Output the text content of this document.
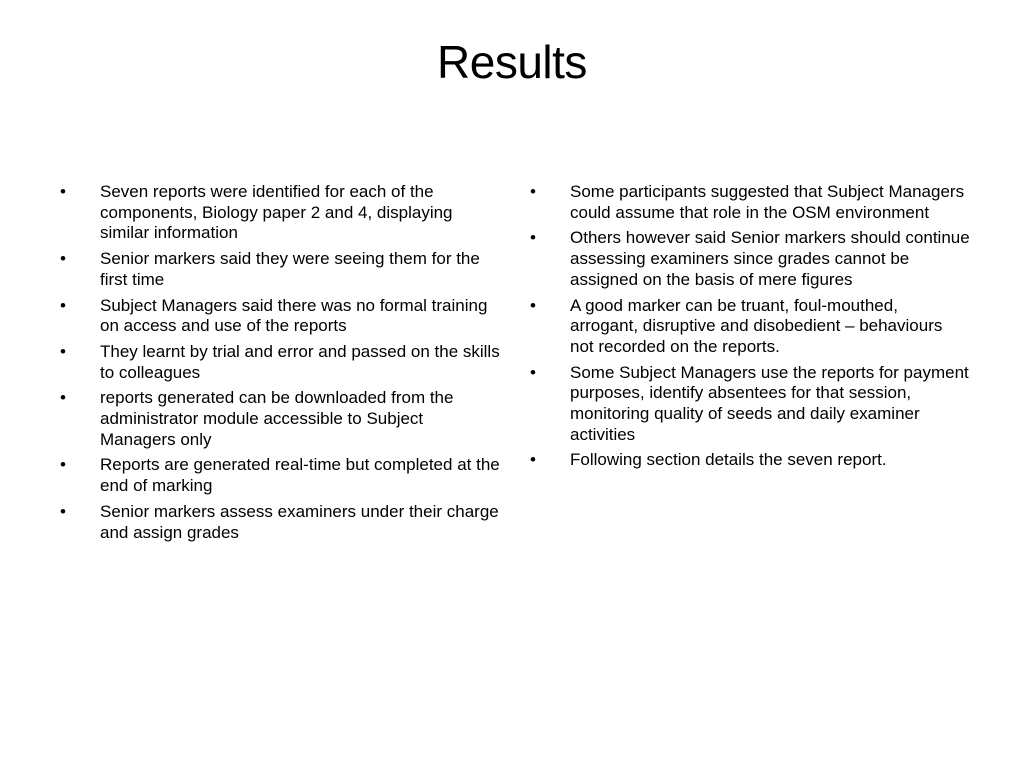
Results
•	Seven reports were identified for each of the components, Biology paper 2 and 4, displaying similar information
•	Senior markers said they were seeing them for the first time
•	Subject Managers said there was no formal training on access and use of the reports
•	They learnt by trial and error and passed on the skills to colleagues
•	reports generated can be downloaded from the administrator module accessible to Subject Managers only
•	Reports are generated real-time but completed at the end of marking
•	Senior markers assess examiners under their charge and assign grades
•	Some participants suggested that Subject Managers could assume that role in the OSM environment
•	Others however said Senior markers should continue assessing examiners since grades cannot be assigned on the basis of mere figures
•	A good marker can be truant, foul-mouthed, arrogant, disruptive and disobedient – behaviours not recorded on the reports.
•	Some Subject Managers use the reports for payment purposes, identify absentees for that session, monitoring quality of seeds and daily examiner activities
•	Following section details the seven report.
